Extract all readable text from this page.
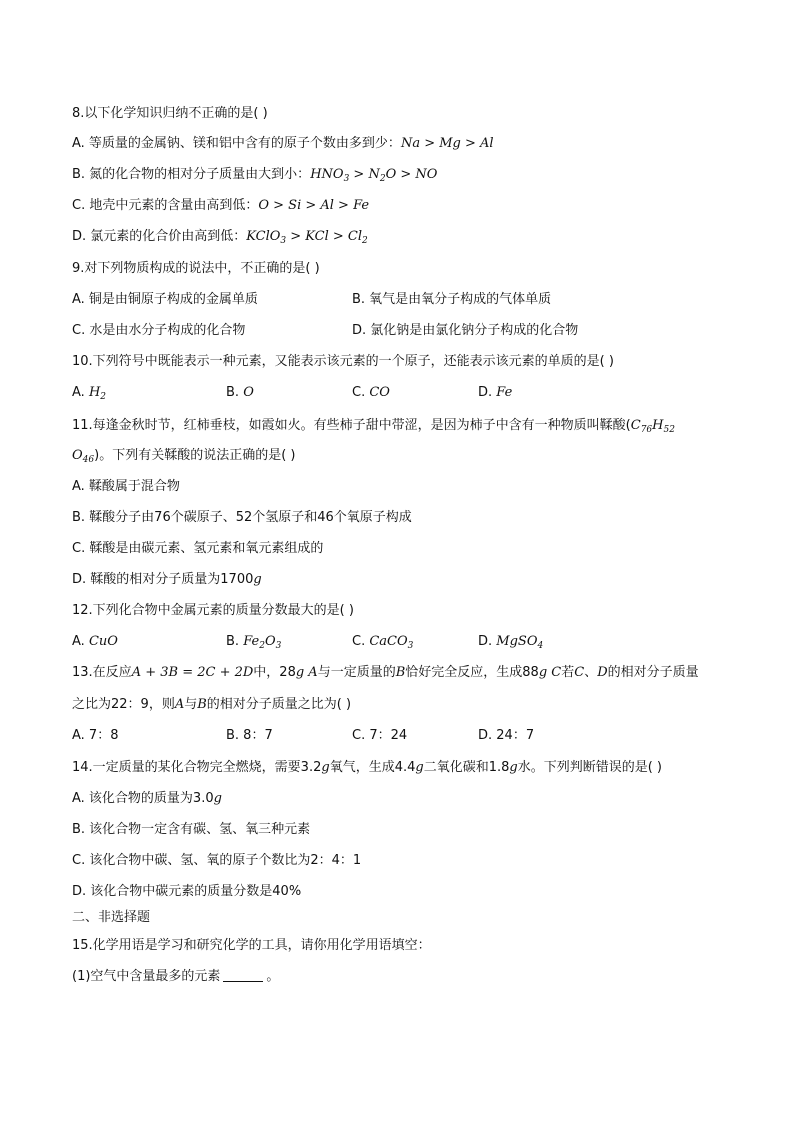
8.以下化学知识归纳不正确的是( )
A. 等质量的金属钠、镁和铝中含有的原子个数由多到少：Na > Mg > Al
B. 氮的化合物的相对分子质量由大到小：$HNO_3 > N_2O$ > NO
C. 地壳中元素的含量由高到低：O > Si > Al > Fe
D. 氯元素的化合价由高到低：KClO$_3$ > KCl > $Cl_2$
9.对下列物质构成的说法中，不正确的是( )
A. 铜是由铜原子构成的金属单质	B. 氧气是由氧分子构成的气体单质
C. 水是由水分子构成的化合物	D. 氯化钠是由氯化钠分子构成的化合物
10.下列符号中既能表示一种元素，又能表示该元素的一个原子，还能表示该元素的单质的是( )
A. $H_2$	B. O	C. CO	D. Fe
11.每逢金秋时节，红柿垂枝，如霞如火。有些柿子甜中带涩，是因为柿子中含有一种物质叫鞣酸($C_{76}H_{52}$
$O_{46}$)。下列有关鞣酸的说法正确的是( )
A. 鞣酸属于混合物
B. 鞣酸分子由76个碳原子、52个氢原子和46个氧原子构成
C. 鞣酸是由碳元素、氢元素和氧元素组成的
D. 鞣酸的相对分子质量为1700g
12.下列化合物中金属元素的质量分数最大的是( )
A. CuO	B. $Fe_2O_3$	C. CaCO$_3$	D. MgSO$_4$
13.在反应A + 3B = 2C + 2D中，28g A与一定质量的B恰好完全反应，生成88g C若C、D的相对分子质量
之比为22：9，则A与B的相对分子质量之比为( )
A. 7：8	B. 8：7	C. 7：24	D. 24：7
14.一定质量的某化合物完全燃烧，需要3.2g氧气，生成4.4g二氧化碳和1.8g水。下列判断错误的是( )
A. 该化合物的质量为3.0g
B. 该化合物一定含有碳、氢、氧三种元素
C. 该化合物中碳、氢、氧的原子个数比为2：4：1
D. 该化合物中碳元素的质量分数是40%
二、非选择题
15.化学用语是学习和研究化学的工具，请你用化学用语填空：
(1)空气中含量最多的元素	。
